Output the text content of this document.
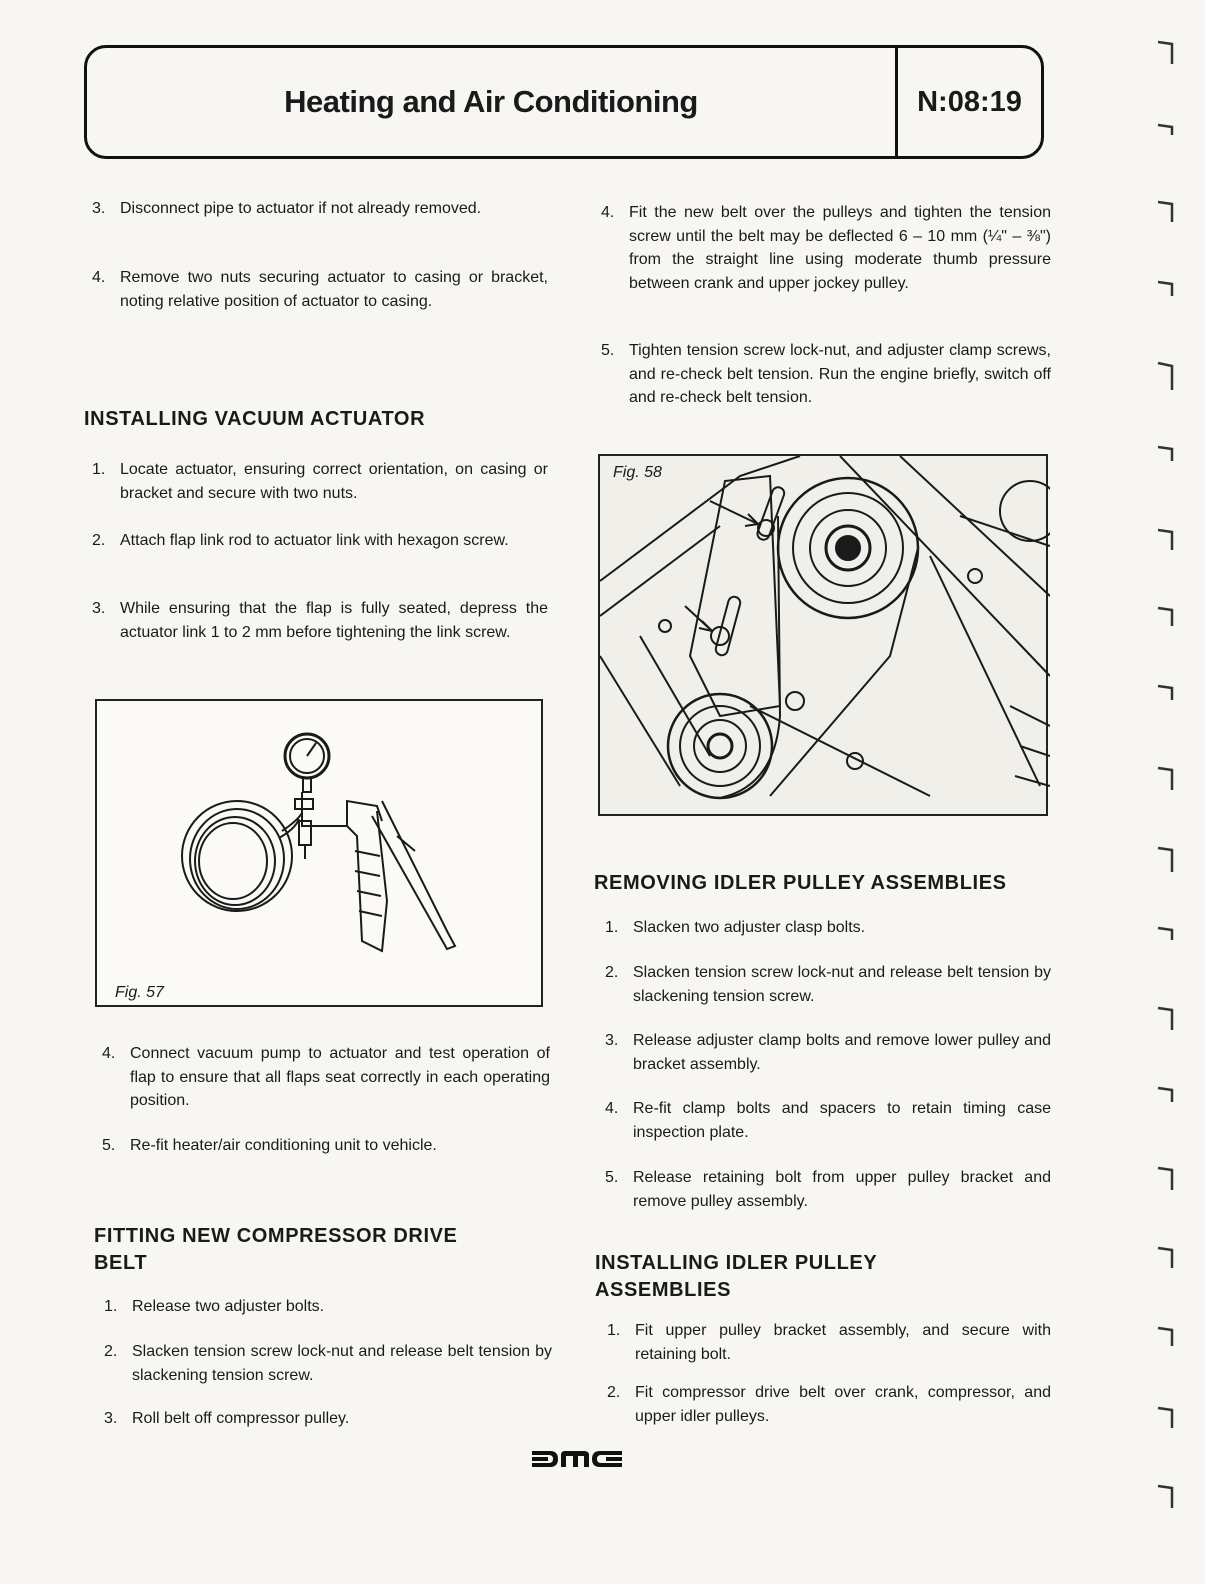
Heating and Air Conditioning	N:08:19
3. Disconnect pipe to actuator if not already removed.
4. Remove two nuts securing actuator to casing or bracket, noting relative position of actuator to casing.
INSTALLING VACUUM ACTUATOR
1. Locate actuator, ensuring correct orientation, on casing or bracket and secure with two nuts.
2. Attach flap link rod to actuator link with hexagon screw.
3. While ensuring that the flap is fully seated, depress the actuator link 1 to 2 mm before tightening the link screw.
Fig. 57
4. Connect vacuum pump to actuator and test operation of flap to ensure that all flaps seat correctly in each operating position.
5. Re-fit heater/air conditioning unit to vehicle.
FITTING NEW COMPRESSOR DRIVE
BELT
1. Release two adjuster bolts.
2. Slacken tension screw lock-nut and release belt tension by slackening tension screw.
3. Roll belt off compressor pulley.
4. Fit the new belt over the pulleys and tighten the tension screw until the belt may be deflected 6 – 10 mm (¼" – ⅜") from the straight line using moderate thumb pressure between crank and upper jockey pulley.
5. Tighten tension screw lock-nut, and adjuster clamp screws, and re-check belt tension. Run the engine briefly, switch off and re-check belt tension.
Fig. 58
REMOVING IDLER PULLEY ASSEMBLIES
1. Slacken two adjuster clasp bolts.
2. Slacken tension screw lock-nut and release belt tension by slackening tension screw.
3. Release adjuster clamp bolts and remove lower pulley and bracket assembly.
4. Re-fit clamp bolts and spacers to retain timing case inspection plate.
5. Release retaining bolt from upper pulley bracket and remove pulley assembly.
INSTALLING IDLER PULLEY
ASSEMBLIES
1. Fit upper pulley bracket assembly, and secure with retaining bolt.
2. Fit compressor drive belt over crank, compressor, and upper idler pulleys.
